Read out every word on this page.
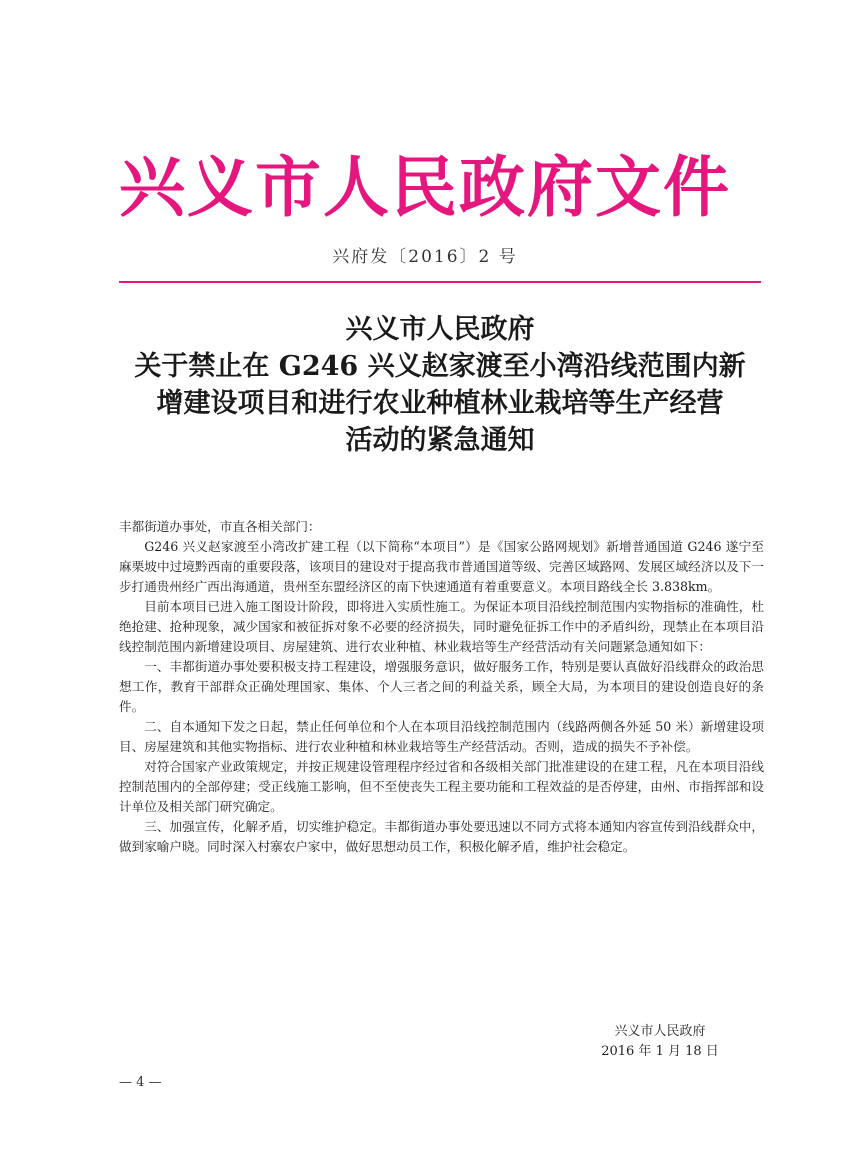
兴义市人民政府文件
兴府发〔2016〕2 号
兴义市人民政府
关于禁止在 G246 兴义赵家渡至小湾沿线范围内新
增建设项目和进行农业种植林业栽培等生产经营
活动的紧急通知

丰都街道办事处，市直各相关部门：

G246 兴义赵家渡至小湾改扩建工程（以下简称“本项目”）是《国家公路网规划》新增普通国道 G246 遂宁至麻栗坡中过境黔西南的重要段落，该项目的建设对于提高我市普通国道等级、完善区域路网、发展区域经济以及下一步打通贵州经广西出海通道，贵州至东盟经济区的南下快速通道有着重要意义。本项目路线全长 3.838km。

目前本项目已进入施工图设计阶段，即将进入实质性施工。为保证本项目沿线控制范围内实物指标的准确性，杜绝抢建、抢种现象，减少国家和被征拆对象不必要的经济损失，同时避免征拆工作中的矛盾纠纷，现禁止在本项目沿线控制范围内新增建设项目、房屋建筑、进行农业种植、林业栽培等生产经营活动有关问题紧急通知如下：

一、丰都街道办事处要积极支持工程建设，增强服务意识，做好服务工作，特别是要认真做好沿线群众的政治思想工作，教育干部群众正确处理国家、集体、个人三者之间的利益关系，顾全大局，为本项目的建设创造良好的条件。

二、自本通知下发之日起，禁止任何单位和个人在本项目沿线控制范围内（线路两侧各外延 50 米）新增建设项目、房屋建筑和其他实物指标、进行农业种植和林业栽培等生产经营活动。否则，造成的损失不予补偿。

对符合国家产业政策规定，并按正规建设管理程序经过省和各级相关部门批准建设的在建工程，凡在本项目沿线控制范围内的全部停建；受正线施工影响，但不至使丧失工程主要功能和工程效益的是否停建，由州、市指挥部和设计单位及相关部门研究确定。

三、加强宣传，化解矛盾，切实维护稳定。丰都街道办事处要迅速以不同方式将本通知内容宣传到沿线群众中，做到家喻户晓。同时深入村寨农户家中，做好思想动员工作，积极化解矛盾，维护社会稳定。

兴义市人民政府
2016 年 1 月 18 日
— 4 —
